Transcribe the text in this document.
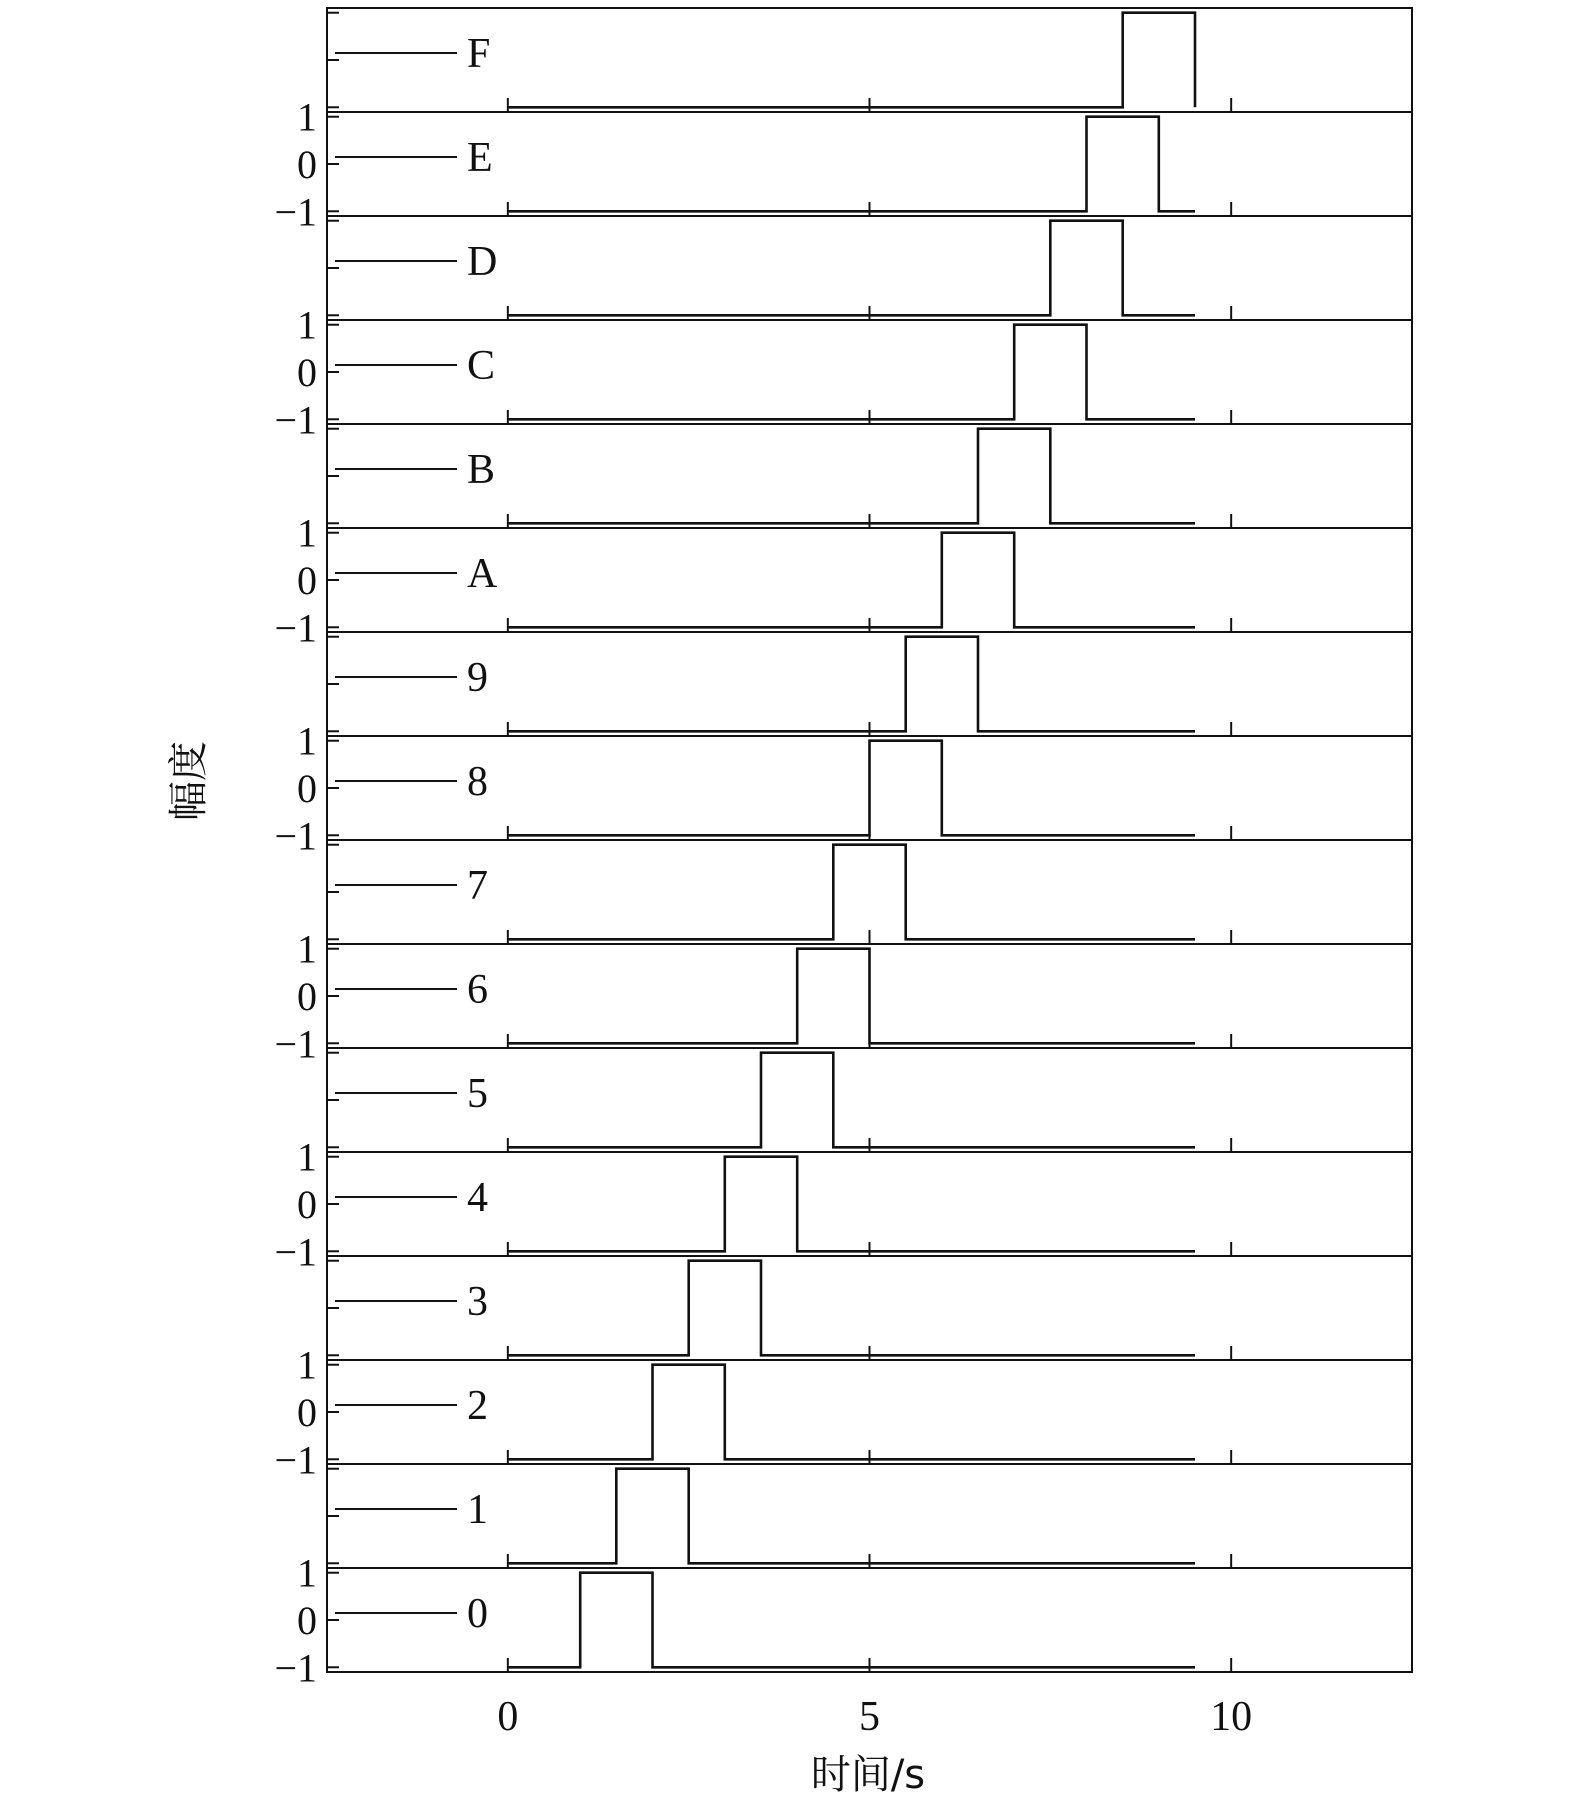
F
1
0
−1
E
D
1
0
−1
C
B
1
0
−1
A
9
1
0
−1
8
7
1
0
−1
6
5
1
0
−1
4
3
1
0
−1
2
1
1
0
−1
0
0	5	10
时间/s
幅度
